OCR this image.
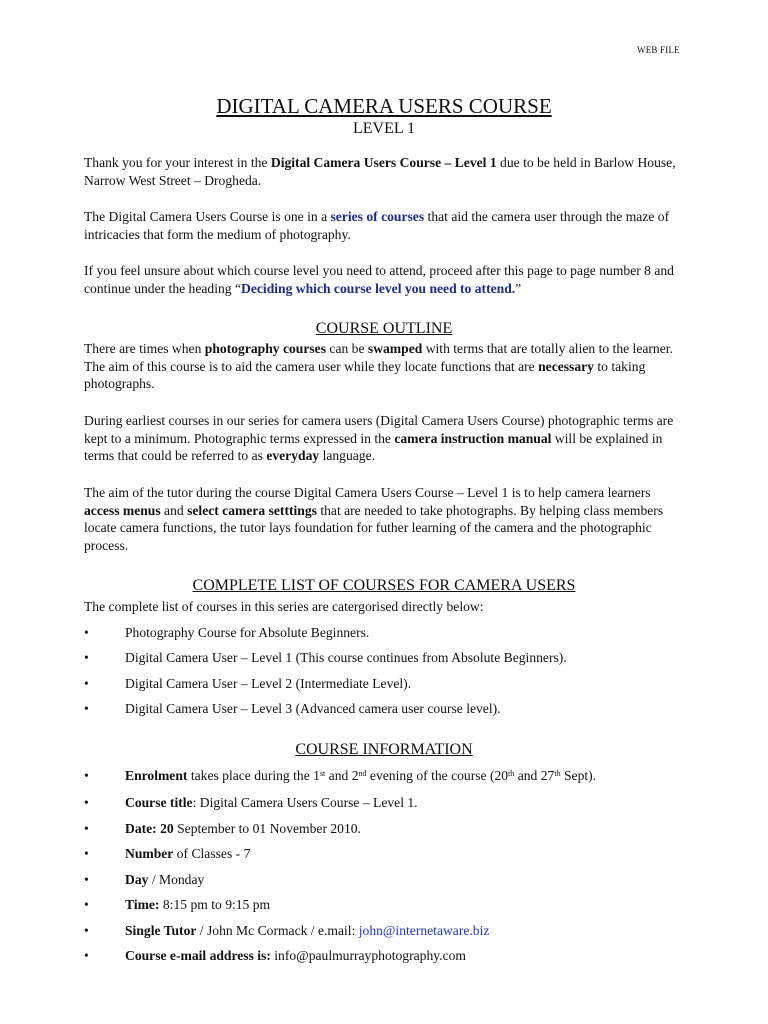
WEB FILE
DIGITAL CAMERA USERS COURSE
LEVEL 1

Thank you for your interest in the Digital Camera Users Course – Level 1 due to be held in Barlow House, Narrow West Street – Drogheda.

The Digital Camera Users Course is one in a series of courses that aid the camera user through the maze of intricacies that form the medium of photography.

If you feel unsure about which course level you need to attend, proceed after this page to page number 8 and continue under the heading “Deciding which course level you need to attend.”

COURSE OUTLINE

There are times when photography courses can be swamped with terms that are totally alien to the learner. The aim of this course is to aid the camera user while they locate functions that are necessary to taking photographs.

During earliest courses in our series for camera users (Digital Camera Users Course) photographic terms are kept to a minimum. Photographic terms expressed in the camera instruction manual will be explained in terms that could be referred to as everyday language.

The aim of the tutor during the course Digital Camera Users Course – Level 1 is to help camera learners access menus and select camera setttings that are needed to take photographs. By helping class members locate camera functions, the tutor lays foundation for futher learning of the camera and the photographic process.

COMPLETE LIST OF COURSES FOR CAMERA USERS

The complete list of courses in this series are catergorised directly below:

•	Photography Course for Absolute Beginners.
•	Digital Camera User – Level 1 (This course continues from Absolute Beginners).
•	Digital Camera User – Level 2 (Intermediate Level).
•	Digital Camera User – Level 3 (Advanced camera user course level).
COURSE INFORMATION
•	Enrolment takes place during the 1st and 2nd evening of the course (20th and 27th Sept).
•	Course title: Digital Camera Users Course – Level 1.
•	Date: 20 September to 01 November 2010.
•	Number of Classes - 7
•	Day / Monday
•	Time: 8:15 pm to 9:15 pm
•	Single Tutor / John Mc Cormack / e.mail: john@internetaware.biz
•	Course e-mail address is: info@paulmurrayphotography.com
